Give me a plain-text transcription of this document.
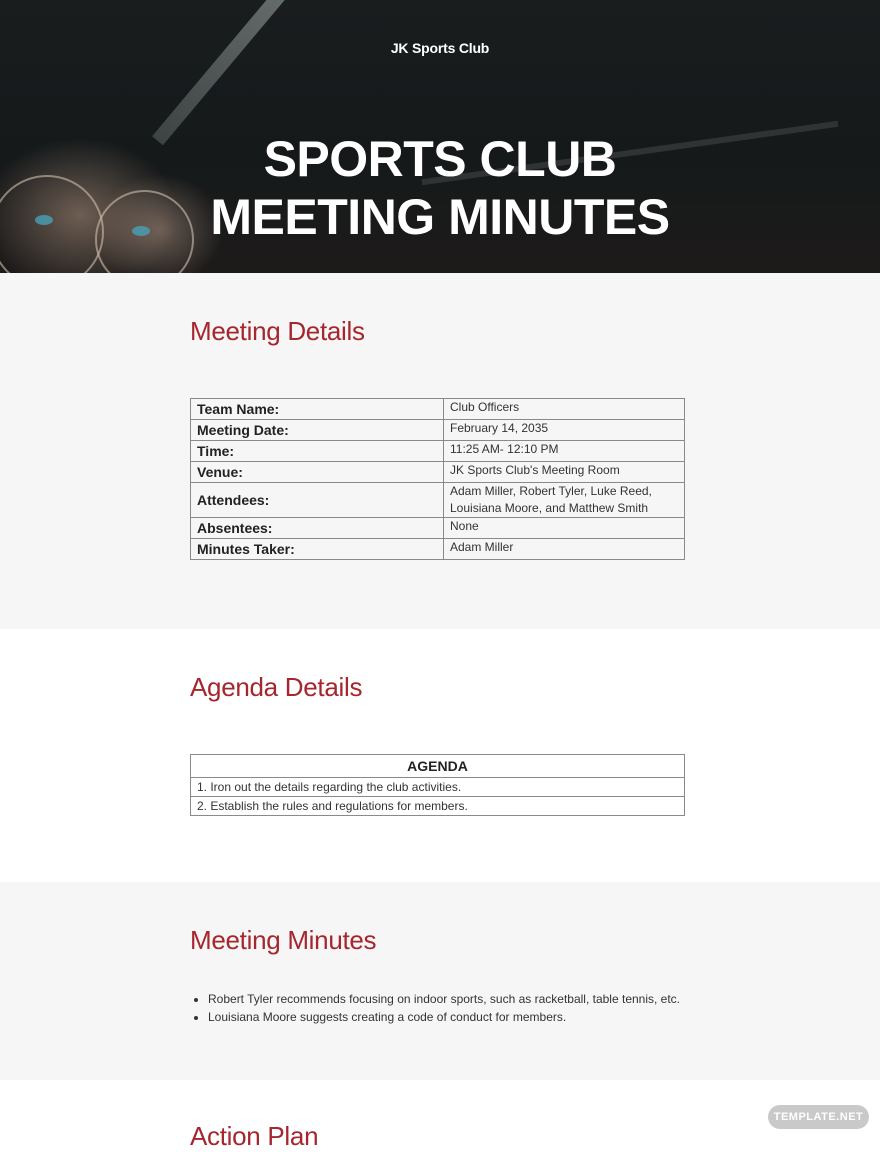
JK Sports Club
SPORTS CLUB
MEETING MINUTES
Meeting Details
Team Name:	Club Officers
Meeting Date:	February 14, 2035
Time:	11:25 AM- 12:10 PM
Venue:	JK Sports Club's Meeting Room
Attendees:	Adam Miller, Robert Tyler, Luke Reed, Louisiana Moore, and Matthew Smith
Absentees:	None
Minutes Taker:	Adam Miller
Agenda Details
AGENDA
1. Iron out the details regarding the club activities.
2. Establish the rules and regulations for members.
Meeting Minutes
• Robert Tyler recommends focusing on indoor sports, such as racketball, table tennis, etc.
• Louisiana Moore suggests creating a code of conduct for members.
Action Plan
TEMPLATE.NET
